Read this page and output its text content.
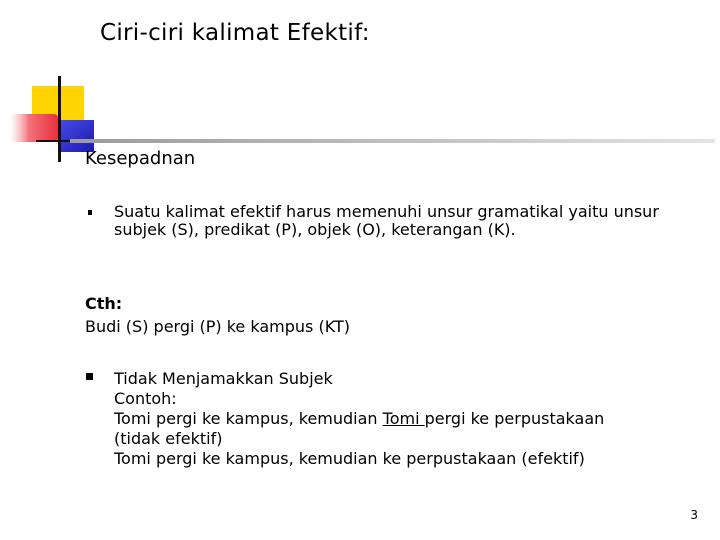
Ciri-ciri kalimat Efektif:
Kesepadnan
Suatu kalimat efektif harus memenuhi unsur gramatikal yaitu unsur subjek (S), predikat (P), objek (O), keterangan (K).
Cth:
Budi (S) pergi (P) ke kampus (KT)
Tidak Menjamakkan Subjek
Contoh:
Tomi pergi ke kampus, kemudian Tomi pergi ke perpustakaan
(tidak efektif)
Tomi pergi ke kampus, kemudian ke perpustakaan (efektif)
3
